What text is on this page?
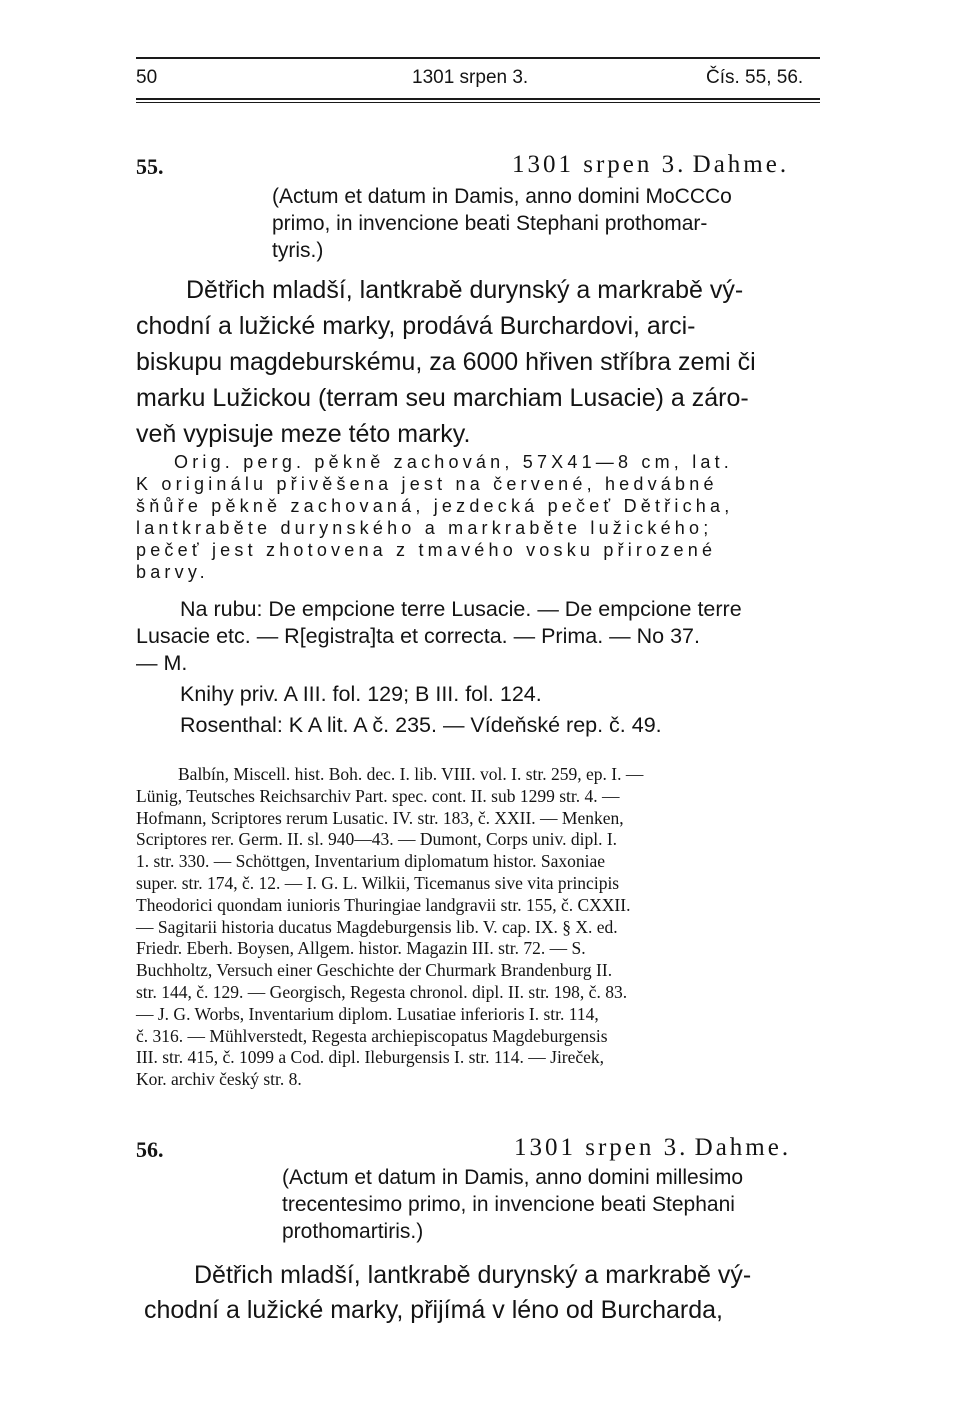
50	1301 srpen 3.	Čís. 55, 56.
55.	1301 srpen 3. Dahme.
(Actum et datum in Damis, anno domini MoCCCo
primo, in invencione beati Stephani prothomar-
tyris.)
Dětřich mladší, lantkrabě durynský a markrabě vý-
chodní a lužické marky, prodává Burchardovi, arci-
biskupu magdeburskému, za 6000 hřiven stříbra zemi či
marku Lužickou (terram seu marchiam Lusacie) a záro-
veň vypisuje meze této marky.
Orig. perg. pěkně zachován, 57X41—8 cm, lat.
K originálu přivěšena jest na červené, hedvábné
šňůře pěkně zachovaná, jezdecká pečeť Dětřicha,
lantkraběte durynského a markraběte lužického;
pečeť jest zhotovena z tmavého vosku přirozené
barvy.
Na rubu: De empcione terre Lusacie. — De empcione terre
Lusacie etc. — R[egistra]ta et correcta. — Prima. — No 37.
— M.
Knihy priv. A III. fol. 129; B III. fol. 124.
Rosenthal: K A lit. A č. 235. — Vídeňské rep. č. 49.
Balbín, Miscell. hist. Boh. dec. I. lib. VIII. vol. I. str. 259, ep. I. —
Lünig, Teutsches Reichsarchiv Part. spec. cont. II. sub 1299 str. 4. —
Hofmann, Scriptores rerum Lusatic. IV. str. 183, č. XXII. — Menken,
Scriptores rer. Germ. II. sl. 940—43. — Dumont, Corps univ. dipl. I.
1. str. 330. — Schöttgen, Inventarium diplomatum histor. Saxoniae
super. str. 174, č. 12. — I. G. L. Wilkii, Ticemanus sive vita principis
Theodorici quondam iunioris Thuringiae landgravii str. 155, č. CXXII.
— Sagitarii historia ducatus Magdeburgensis lib. V. cap. IX. § X. ed.
Friedr. Eberh. Boysen, Allgem. histor. Magazin III. str. 72. — S.
Buchholtz, Versuch einer Geschichte der Churmark Brandenburg II.
str. 144, č. 129. — Georgisch, Regesta chronol. dipl. II. str. 198, č. 83.
— J. G. Worbs, Inventarium diplom. Lusatiae inferioris I. str. 114,
č. 316. — Mühlverstedt, Regesta archiepiscopatus Magdeburgensis
III. str. 415, č. 1099 a Cod. dipl. Ileburgensis I. str. 114. — Jireček,
Kor. archiv český str. 8.
56.	1301 srpen 3. Dahme.
(Actum et datum in Damis, anno domini millesimo
trecentesimo primo, in invencione beati Stephani
prothomartiris.)
Dětřich mladší, lantkrabě durynský a markrabě vý-
chodní a lužické marky, přijímá v léno od Burcharda,
